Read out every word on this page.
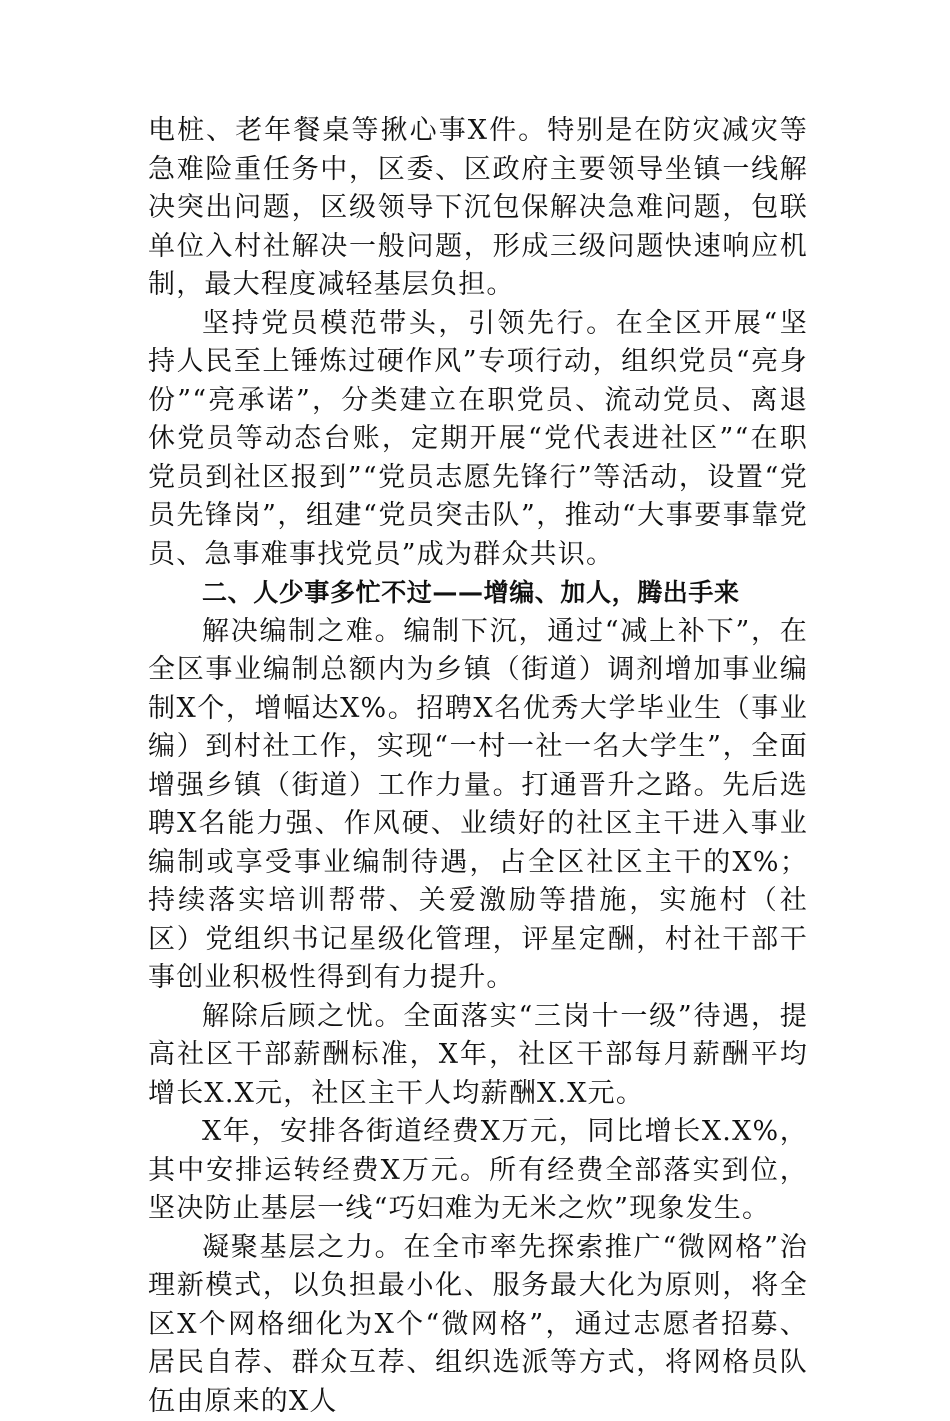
电桩、老年餐桌等揪心事X件。特别是在防灾减灾等急难险重任务中，区委、区政府主要领导坐镇一线解决突出问题，区级领导下沉包保解决急难问题，包联单位入村社解决一般问题，形成三级问题快速响应机制，最大程度减轻基层负担。

坚持党员模范带头，引领先行。在全区开展“坚持人民至上锤炼过硬作风”专项行动，组织党员“亮身份”“亮承诺”，分类建立在职党员、流动党员、离退休党员等动态台账，定期开展“党代表进社区”“在职党员到社区报到”“党员志愿先锋行”等活动，设置“党员先锋岗”，组建“党员突击队”，推动“大事要事靠党员、急事难事找党员”成为群众共识。

二、人少事多忙不过——增编、加人，腾出手来

解决编制之难。编制下沉，通过“减上补下”，在全区事业编制总额内为乡镇（街道）调剂增加事业编制X个，增幅达X%。招聘X名优秀大学毕业生（事业编）到村社工作，实现“一村一社一名大学生”，全面增强乡镇（街道）工作力量。打通晋升之路。先后选聘X名能力强、作风硬、业绩好的社区主干进入事业编制或享受事业编制待遇，占全区社区主干的X%；持续落实培训帮带、关爱激励等措施，实施村（社区）党组织书记星级化管理，评星定酬，村社干部干事创业积极性得到有力提升。

解除后顾之忧。全面落实“三岗十一级”待遇，提高社区干部薪酬标准，X年，社区干部每月薪酬平均增长X.X元，社区主干人均薪酬X.X元。

X年，安排各街道经费X万元，同比增长X.X%，其中安排运转经费X万元。所有经费全部落实到位，坚决防止基层一线“巧妇难为无米之炊”现象发生。

凝聚基层之力。在全市率先探索推广“微网格”治理新模式，以负担最小化、服务最大化为原则，将全区X个网格细化为X个“微网格”，通过志愿者招募、居民自荐、群众互荐、组织选派等方式，将网格员队伍由原来的X人
